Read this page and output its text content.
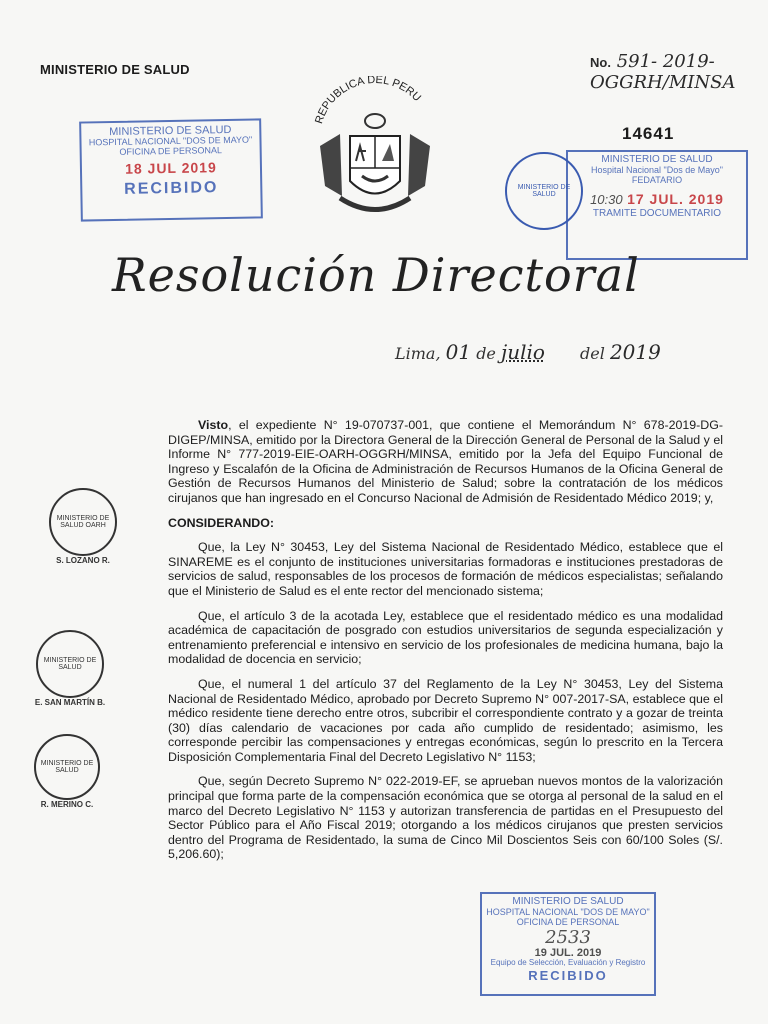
MINISTERIO DE SALUD	No. 591- 2019-
OGGRH/MINSA
14641
REPUBLICA DEL PERU
MINISTERIO DE SALUD
HOSPITAL NACIONAL "DOS DE MAYO"
OFICINA DE PERSONAL
18 JUL 2019
RECIBIDO	MINISTERIO DE SALUD
MINISTERIO DE SALUD
Hospital Nacional "Dos de Mayo"
FEDATARIO
10:30 17 JUL. 2019
TRAMITE DOCUMENTARIO
Resolución Directoral
Lima, 01 de julio del 2019
MINISTERIO DE SALUD OARH
S. LOZANO R.
MINISTERIO DE SALUD
E. SAN MARTÍN B.
MINISTERIO DE SALUD
R. MERINO C.

Visto, el expediente N° 19-070737-001, que contiene el Memorándum N° 678-2019-DG-DIGEP/MINSA, emitido por la Directora General de la Dirección General de Personal de la Salud y el Informe N° 777-2019-EIE-OARH-OGGRH/MINSA, emitido por la Jefa del Equipo Funcional de Ingreso y Escalafón de la Oficina de Administración de Recursos Humanos de la Oficina General de Gestión de Recursos Humanos del Ministerio de Salud; sobre la contratación de los médicos cirujanos que han ingresado en el Concurso Nacional de Admisión de Residentado Médico 2019; y,

CONSIDERANDO:

Que, la Ley N° 30453, Ley del Sistema Nacional de Residentado Médico, establece que el SINAREME es el conjunto de instituciones universitarias formadoras e instituciones prestadoras de servicios de salud, responsables de los procesos de formación de médicos especialistas; señalando que el Ministerio de Salud es el ente rector del mencionado sistema;

Que, el artículo 3 de la acotada Ley, establece que el residentado médico es una modalidad académica de capacitación de posgrado con estudios universitarios de segunda especialización y entrenamiento preferencial e intensivo en servicio de los profesionales de medicina humana, bajo la modalidad de docencia en servicio;

Que, el numeral 1 del artículo 37 del Reglamento de la Ley N° 30453, Ley del Sistema Nacional de Residentado Médico, aprobado por Decreto Supremo N° 007-2017-SA, establece que el médico residente tiene derecho entre otros, subcribir el correspondiente contrato y a gozar de treinta (30) días calendario de vacaciones por cada año cumplido de residentado; asimismo, les corresponde percibir las compensaciones y entregas económicas, según lo prescrito en la Tercera Disposición Complementaria Final del Decreto Legislativo N° 1153;

Que, según Decreto Supremo N° 022-2019-EF, se aprueban nuevos montos de la valorización principal que forma parte de la compensación económica que se otorga al personal de la salud en el marco del Decreto Legislativo N° 1153 y autorizan transferencia de partidas en el Presupuesto del Sector Público para el Año Fiscal 2019; otorgando a los médicos cirujanos que presten servicios dentro del Programa de Residentado, la suma de Cinco Mil Doscientos Seis con 60/100 Soles (S/. 5,206.60);

MINISTERIO DE SALUD
HOSPITAL NACIONAL "DOS DE MAYO"
OFICINA DE PERSONAL
2533
19 JUL. 2019
Equipo de Selección, Evaluación y Registro
RECIBIDO
